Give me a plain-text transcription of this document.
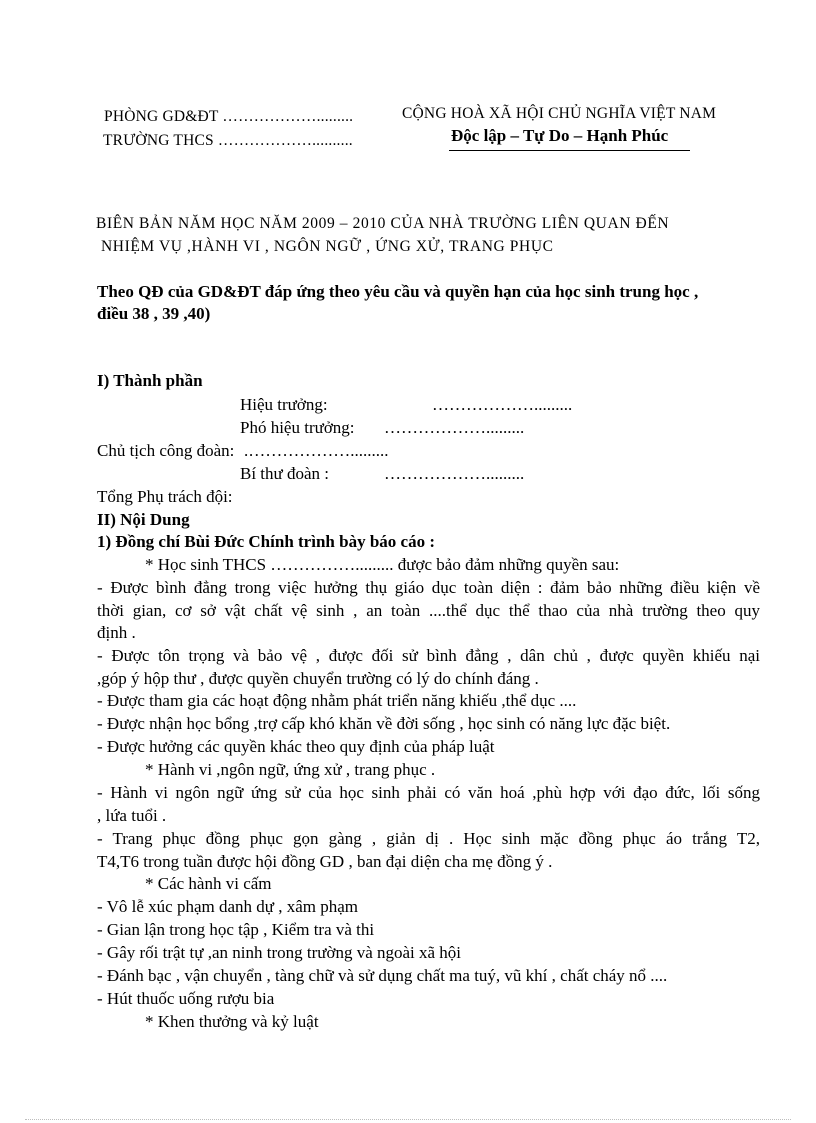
PHÒNG GD&ĐT ……………….........
TRƯỜNG THCS ………………..........
CỘNG HOÀ XÃ HỘI CHỦ NGHĨA VIỆT NAM
Độc lập – Tự Do – Hạnh Phúc
BIÊN BẢN NĂM HỌC NĂM 2009 – 2010 CỦA NHÀ TRƯỜNG LIÊN QUAN ĐẾN
NHIỆM VỤ ,HÀNH VI , NGÔN NGỮ , ỨNG XỬ, TRANG PHỤC
Theo QĐ của GD&ĐT đáp ứng theo yêu cầu và quyền hạn của học sinh trung học ,
điều 38 , 39 ,40)
I) Thành phần
Hiệu trưởng:	……………….........
Phó hiệu trưởng: ……………….........
Chủ tịch công đoàn: .……………….........
Bí thư đoàn :	……………….........
Tổng Phụ trách đội:
II) Nội Dung
1) Đồng chí Bùi Đức Chính trình bày báo cáo :
* Học sinh THCS ……………......... được bảo đảm những quyền sau:
- Được bình đẳng trong việc hưởng thụ giáo dục toàn diện : đảm bảo những điều kiện về
thời gian, cơ sở vật chất vệ sinh , an toàn ....thể dục thể thao của nhà trường theo quy
định .
- Được tôn trọng và bảo vệ , được đối sử bình đẳng , dân chủ , được quyền khiếu nại
,góp ý hộp thư , được quyền chuyển trường có lý do chính đáng .
- Được tham gia các hoạt động nhằm phát triển năng khiếu ,thể dục ....
- Được nhận học bổng ,trợ cấp khó khăn về đời sống , học sinh có năng lực đặc biệt.
- Được hưởng các quyền khác theo quy định của pháp luật
* Hành vi ,ngôn ngữ, ứng xử , trang phục .
- Hành vi ngôn ngữ ứng sử của học sinh phải có văn hoá ,phù hợp với đạo đức, lối sống
, lứa tuổi .
- Trang phục đồng phục gọn gàng , giản dị . Học sinh mặc đồng phục áo trắng T2,
T4,T6 trong tuần được hội đồng GD , ban đại diện cha mẹ đồng ý .
* Các hành vi cấm
- Vô lễ xúc phạm danh dự , xâm phạm
- Gian lận trong học tập , Kiểm tra và thi
- Gây rối trật tự ,an ninh trong trường và ngoài xã hội
- Đánh bạc , vận chuyển , tàng chữ và sử dụng chất ma tuý, vũ khí , chất cháy nổ ....
- Hút thuốc uống rượu bia
* Khen thưởng và kỷ luật
